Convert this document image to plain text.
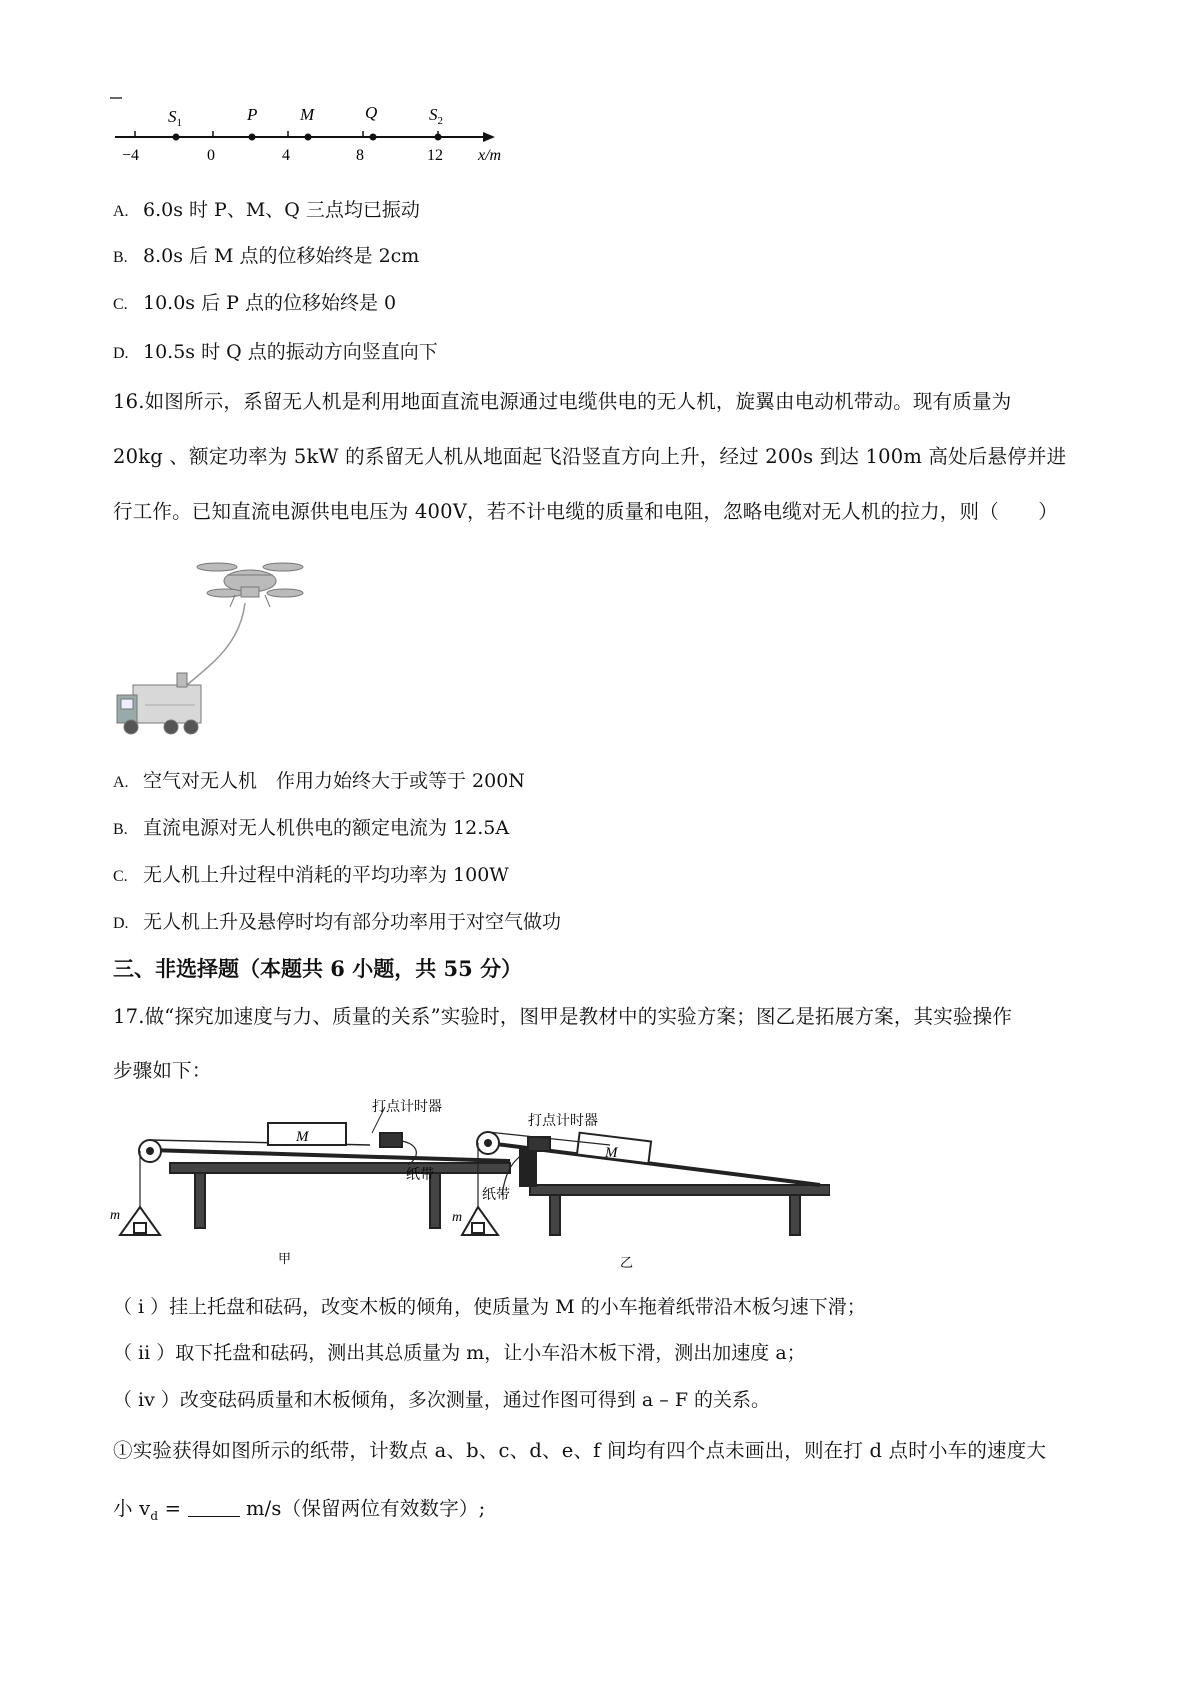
$S_1$	P	M	Q	$S_2$
−4	0	4	8	12 x/m
A. 6.0s 时 P、M、Q 三点均已振动
B. 8.0s 后 M 点的位移始终是 2cm
C. 10.0s 后 P 点的位移始终是 0
D. 10.5s 时 Q 点的振动方向竖直向下
16.如图所示，系留无人机是利用地面直流电源通过电缆供电的无人机，旋翼由电动机带动。现有质量为
20kg 、额定功率为 5kW 的系留无人机从地面起飞沿竖直方向上升，经过 200s 到达 100m 高处后悬停并进
行工作。已知直流电源供电电压为 400V，若不计电缆的质量和电阻，忽略电缆对无人机的拉力，则（　　）
A. 空气对无人机　作用力始终大于或等于 200N
B. 直流电源对无人机供电的额定电流为 12.5A
C. 无人机上升过程中消耗的平均功率为 100W
D. 无人机上升及悬停时均有部分功率用于对空气做功
三、非选择题（本题共 6 小题，共 55 分）
17.做“探究加速度与力、质量的关系”实验时，图甲是教材中的实验方案；图乙是拓展方案，其实验操作
步骤如下：
M
打点计时器
纸带
m
甲
M
打点计时器
纸带
m
乙
（ i ）挂上托盘和砝码，改变木板的倾角，使质量为 M 的小车拖着纸带沿木板匀速下滑；
（ ii ）取下托盘和砝码，测出其总质量为 m，让小车沿木板下滑，测出加速度 a；
（ iv ）改变砝码质量和木板倾角，多次测量，通过作图可得到 a – F 的关系。
①实验获得如图所示的纸带，计数点 a、b、c、d、e、f 间均有四个点未画出，则在打 d 点时小车的速度大
小 $v_d$ =	m/s（保留两位有效数字）;
